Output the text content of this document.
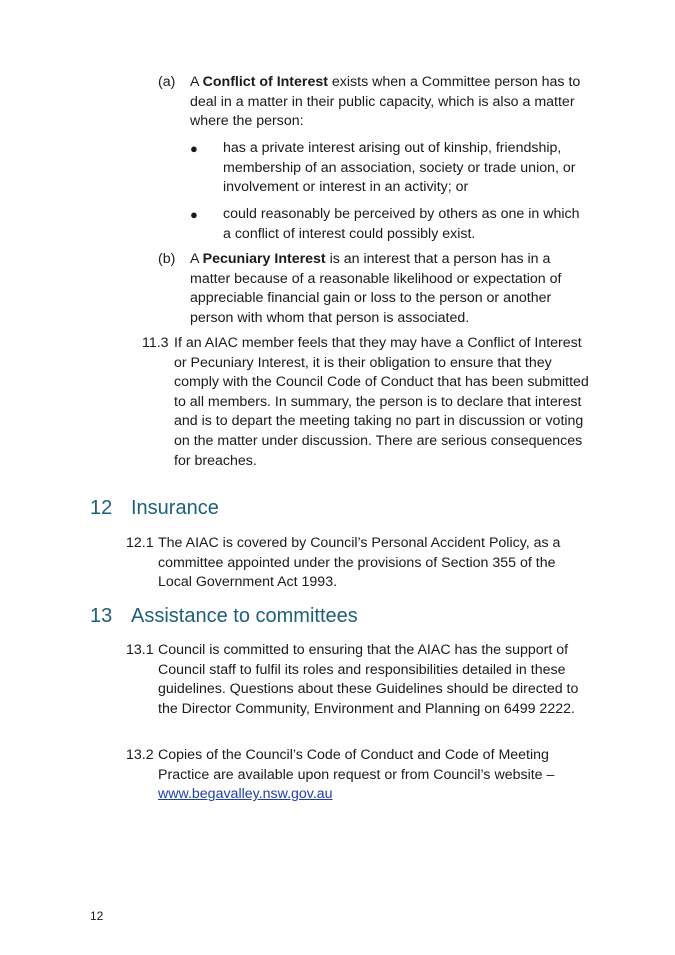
(a) A Conflict of Interest exists when a Committee person has to deal in a matter in their public capacity, which is also a matter where the person:
● has a private interest arising out of kinship, friendship, membership of an association, society or trade union, or involvement or interest in an activity; or
● could reasonably be perceived by others as one in which a conflict of interest could possibly exist.
(b) A Pecuniary Interest is an interest that a person has in a matter because of a reasonable likelihood or expectation of appreciable financial gain or loss to the person or another person with whom that person is associated.
11.3 If an AIAC member feels that they may have a Conflict of Interest or Pecuniary Interest, it is their obligation to ensure that they comply with the Council Code of Conduct that has been submitted to all members. In summary, the person is to declare that interest and is to depart the meeting taking no part in discussion or voting on the matter under discussion. There are serious consequences for breaches.
12 Insurance
12.1 The AIAC is covered by Council’s Personal Accident Policy, as a committee appointed under the provisions of Section 355 of the Local Government Act 1993.
13 Assistance to committees
13.1 Council is committed to ensuring that the AIAC has the support of Council staff to fulfil its roles and responsibilities detailed in these guidelines. Questions about these Guidelines should be directed to the Director Community, Environment and Planning on 6499 2222.
13.2 Copies of the Council’s Code of Conduct and Code of Meeting Practice are available upon request or from Council’s website –
www.begavalley.nsw.gov.au
12
